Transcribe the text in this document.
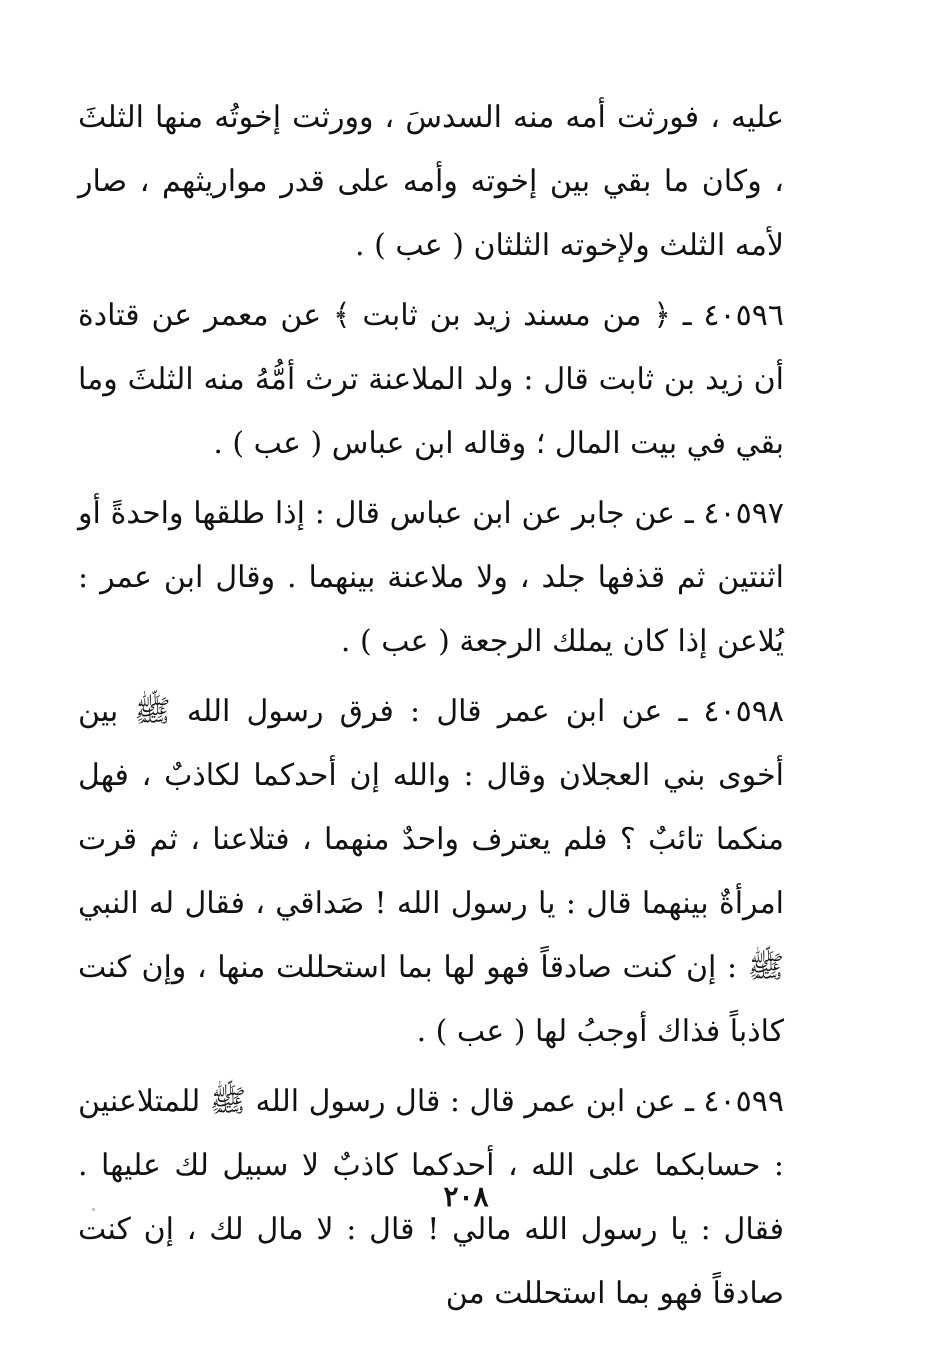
عليه ، فورثت أمه منه السدسَ ، وورثت إخوتُه منها الثلثَ ، وكان ما بقي بين إخوته وأمه على قدر مواريثهم ، صار لأمه الثلث ولإخوته الثلثان ( عب ) .

٤٠٥٩٦ ـ ﴿ من مسند زيد بن ثابت ﴾ عن معمر عن قتادة أن زيد بن ثابت قال : ولد الملاعنة ترث أمُّهُ منه الثلثَ وما بقي في بيت المال ؛ وقاله ابن عباس ( عب ) .

٤٠٥٩٧ ـ عن جابر عن ابن عباس قال : إذا طلقها واحدةً أو اثنتين ثم قذفها جلد ، ولا ملاعنة بينهما . وقال ابن عمر : يُلاعن إذا كان يملك الرجعة ( عب ) .

٤٠٥٩٨ ـ عن ابن عمر قال : فرق رسول الله ﷺ بين أخوى بني العجلان وقال : والله إن أحدكما لكاذبٌ ، فهل منكما تائبٌ ؟ فلم يعترف واحدٌ منهما ، فتلاعنا ، ثم قرت امرأةٌ بينهما قال : يا رسول الله ! صَداقي ، فقال له النبي ﷺ : إن كنت صادقاً فهو لها بما استحللت منها ، وإن كنت كاذباً فذاك أوجبُ لها ( عب ) .

٤٠٥٩٩ ـ عن ابن عمر قال : قال رسول الله ﷺ للمتلاعنين : حسابكما على الله ، أحدكما كاذبٌ لا سبيل لك عليها . فقال : يا رسول الله مالي ! قال : لا مال لك ، إن كنت صادقاً فهو بما استحللت من

٢٠٨
